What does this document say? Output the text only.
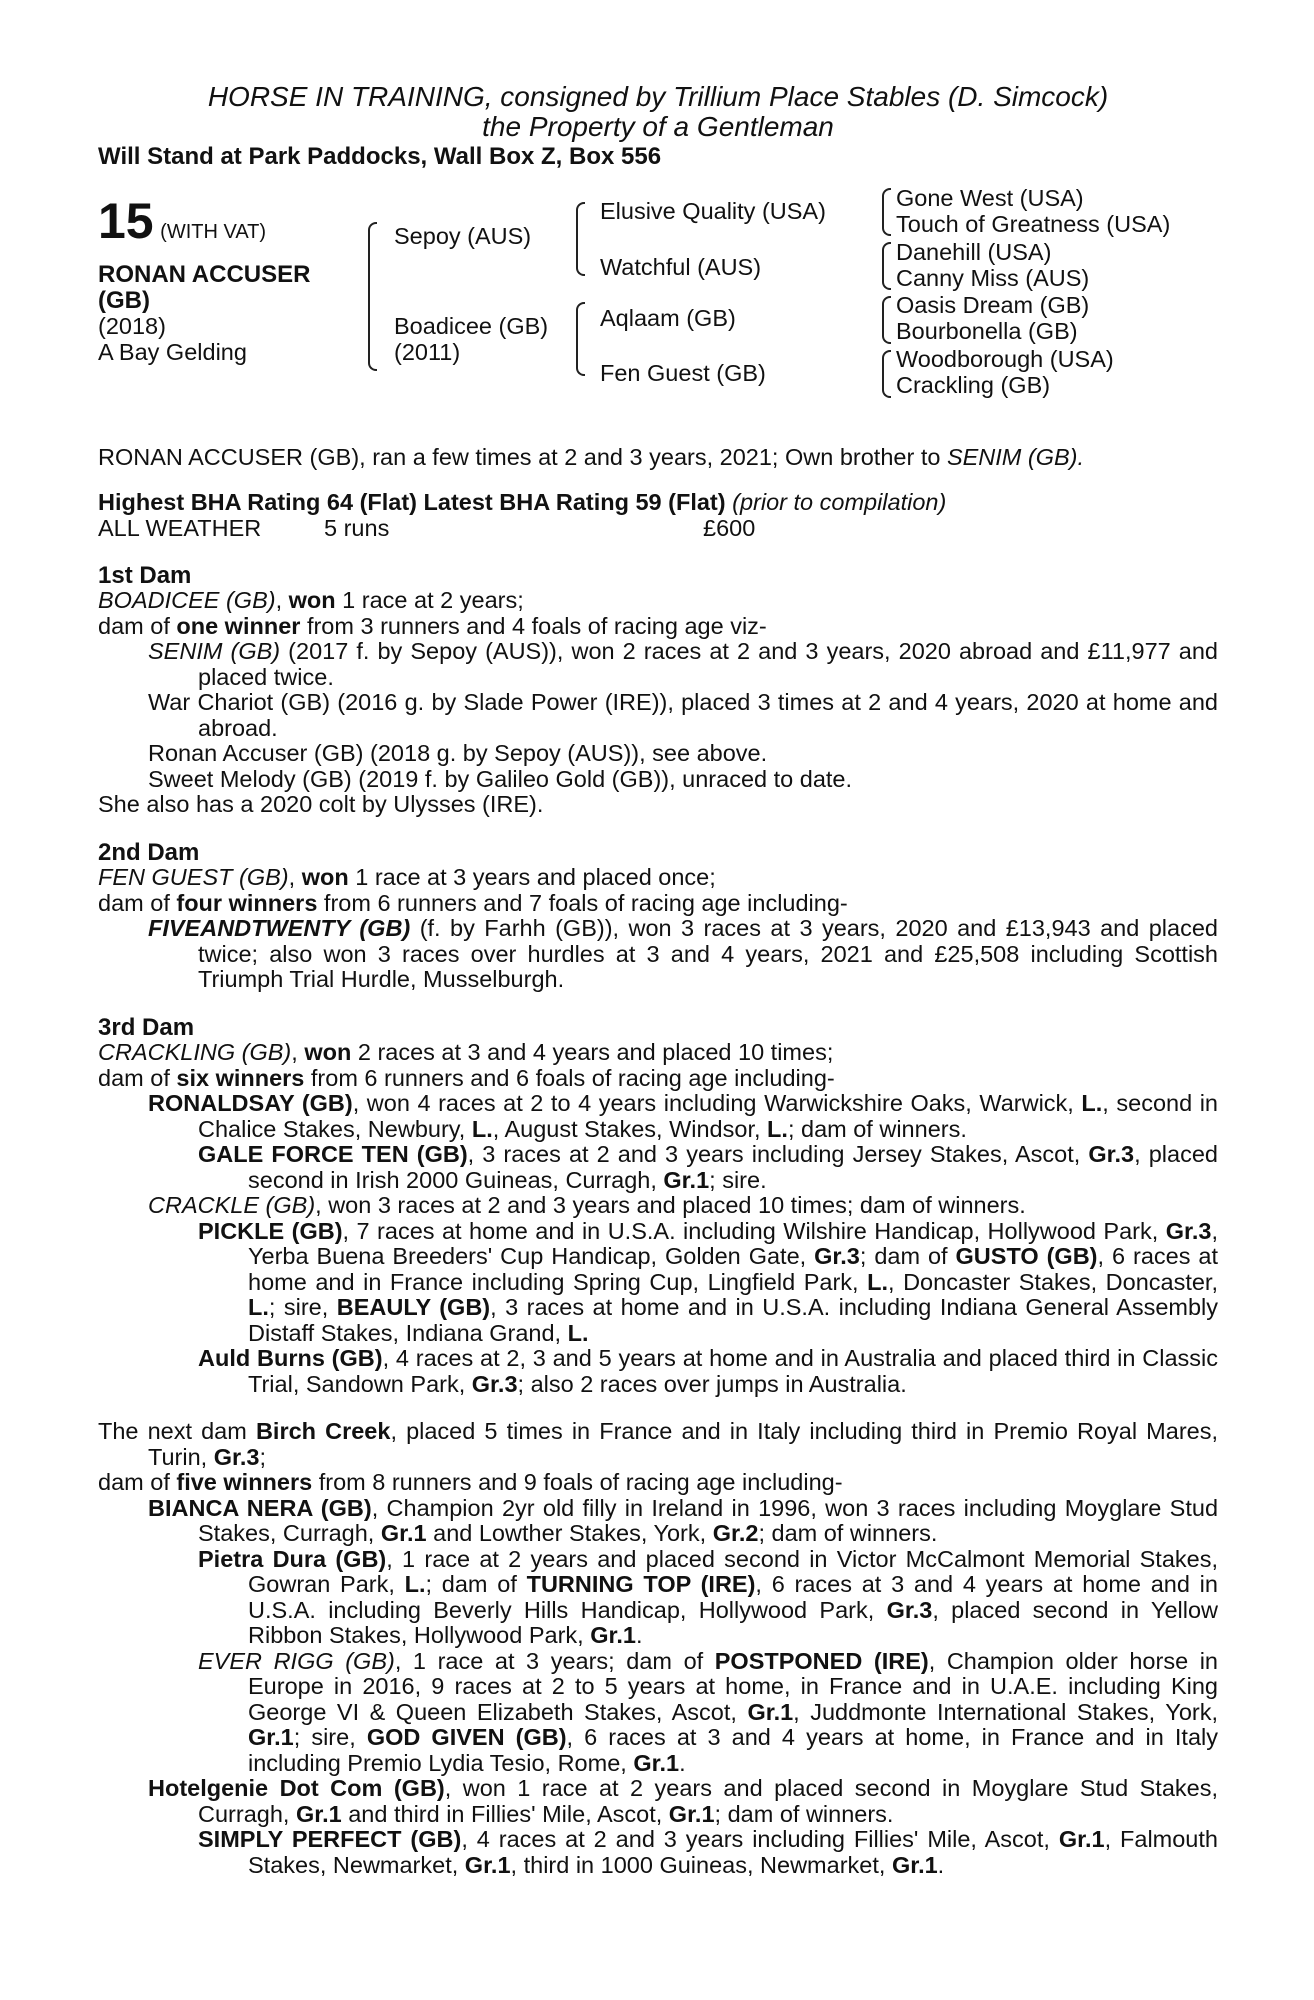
HORSE IN TRAINING, consigned by Trillium Place Stables (D. Simcock)
the Property of a Gentleman
Will Stand at Park Paddocks, Wall Box Z, Box 556
15 (WITH VAT)
RONAN ACCUSER
(GB)
(2018)
A Bay Gelding
Sepoy (AUS)
Boadicee (GB)
(2011)
Elusive Quality (USA)
Watchful (AUS)
Aqlaam (GB)
Fen Guest (GB)
Gone West (USA)
Touch of Greatness (USA)
Danehill (USA)
Canny Miss (AUS)
Oasis Dream (GB)
Bourbonella (GB)
Woodborough (USA)
Crackling (GB)
RONAN ACCUSER (GB), ran a few times at 2 and 3 years, 2021; Own brother to SENIM (GB).
Highest BHA Rating 64 (Flat) Latest BHA Rating 59 (Flat) (prior to compilation)
ALL WEATHER	5 runs	£600
1st Dam
BOADICEE (GB), won 1 race at 2 years;
dam of one winner from 3 runners and 4 foals of racing age viz-
SENIM (GB) (2017 f. by Sepoy (AUS)), won 2 races at 2 and 3 years, 2020 abroad and £11,977 and placed twice.
War Chariot (GB) (2016 g. by Slade Power (IRE)), placed 3 times at 2 and 4 years, 2020 at home and abroad.
Ronan Accuser (GB) (2018 g. by Sepoy (AUS)), see above.
Sweet Melody (GB) (2019 f. by Galileo Gold (GB)), unraced to date.
She also has a 2020 colt by Ulysses (IRE).
2nd Dam
FEN GUEST (GB), won 1 race at 3 years and placed once;
dam of four winners from 6 runners and 7 foals of racing age including-
FIVEANDTWENTY (GB) (f. by Farhh (GB)), won 3 races at 3 years, 2020 and £13,943 and placed twice; also won 3 races over hurdles at 3 and 4 years, 2021 and £25,508 including Scottish Triumph Trial Hurdle, Musselburgh.
3rd Dam
CRACKLING (GB), won 2 races at 3 and 4 years and placed 10 times;
dam of six winners from 6 runners and 6 foals of racing age including-
RONALDSAY (GB), won 4 races at 2 to 4 years including Warwickshire Oaks, Warwick, L., second in Chalice Stakes, Newbury, L., August Stakes, Windsor, L.; dam of winners.
GALE FORCE TEN (GB), 3 races at 2 and 3 years including Jersey Stakes, Ascot, Gr.3, placed second in Irish 2000 Guineas, Curragh, Gr.1; sire.
CRACKLE (GB), won 3 races at 2 and 3 years and placed 10 times; dam of winners.
PICKLE (GB), 7 races at home and in U.S.A. including Wilshire Handicap, Hollywood Park, Gr.3, Yerba Buena Breeders' Cup Handicap, Golden Gate, Gr.3; dam of GUSTO (GB), 6 races at home and in France including Spring Cup, Lingfield Park, L., Doncaster Stakes, Doncaster, L.; sire, BEAULY (GB), 3 races at home and in U.S.A. including Indiana General Assembly Distaff Stakes, Indiana Grand, L.
Auld Burns (GB), 4 races at 2, 3 and 5 years at home and in Australia and placed third in Classic Trial, Sandown Park, Gr.3; also 2 races over jumps in Australia.
The next dam Birch Creek, placed 5 times in France and in Italy including third in Premio Royal Mares, Turin, Gr.3;
dam of five winners from 8 runners and 9 foals of racing age including-
BIANCA NERA (GB), Champion 2yr old filly in Ireland in 1996, won 3 races including Moyglare Stud Stakes, Curragh, Gr.1 and Lowther Stakes, York, Gr.2; dam of winners.
Pietra Dura (GB), 1 race at 2 years and placed second in Victor McCalmont Memorial Stakes, Gowran Park, L.; dam of TURNING TOP (IRE), 6 races at 3 and 4 years at home and in U.S.A. including Beverly Hills Handicap, Hollywood Park, Gr.3, placed second in Yellow Ribbon Stakes, Hollywood Park, Gr.1.
EVER RIGG (GB), 1 race at 3 years; dam of POSTPONED (IRE), Champion older horse in Europe in 2016, 9 races at 2 to 5 years at home, in France and in U.A.E. including King George VI & Queen Elizabeth Stakes, Ascot, Gr.1, Juddmonte International Stakes, York, Gr.1; sire, GOD GIVEN (GB), 6 races at 3 and 4 years at home, in France and in Italy including Premio Lydia Tesio, Rome, Gr.1.
Hotelgenie Dot Com (GB), won 1 race at 2 years and placed second in Moyglare Stud Stakes, Curragh, Gr.1 and third in Fillies' Mile, Ascot, Gr.1; dam of winners.
SIMPLY PERFECT (GB), 4 races at 2 and 3 years including Fillies' Mile, Ascot, Gr.1, Falmouth Stakes, Newmarket, Gr.1, third in 1000 Guineas, Newmarket, Gr.1.
